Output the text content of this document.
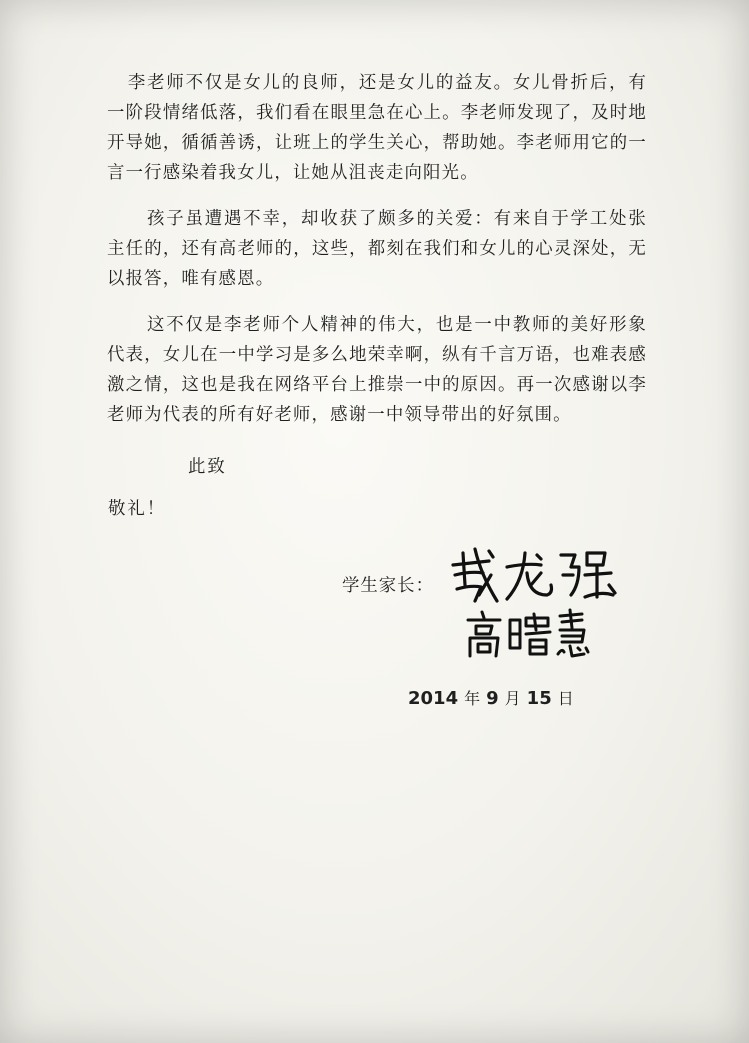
李老师不仅是女儿的良师，还是女儿的益友。女儿骨折后，有一阶段情绪低落，我们看在眼里急在心上。李老师发现了，及时地开导她，循循善诱，让班上的学生关心，帮助她。李老师用它的一言一行感染着我女儿，让她从沮丧走向阳光。

孩子虽遭遇不幸，却收获了颇多的关爱：有来自于学工处张主任的，还有高老师的，这些，都刻在我们和女儿的心灵深处，无以报答，唯有感恩。

这不仅是李老师个人精神的伟大，也是一中教师的美好形象代表，女儿在一中学习是多么地荣幸啊，纵有千言万语，也难表感激之情，这也是我在网络平台上推崇一中的原因。再一次感谢以李老师为代表的所有好老师，感谢一中领导带出的好氛围。

此致
敬礼！
学生家长：
2014 年 9 月 15 日
